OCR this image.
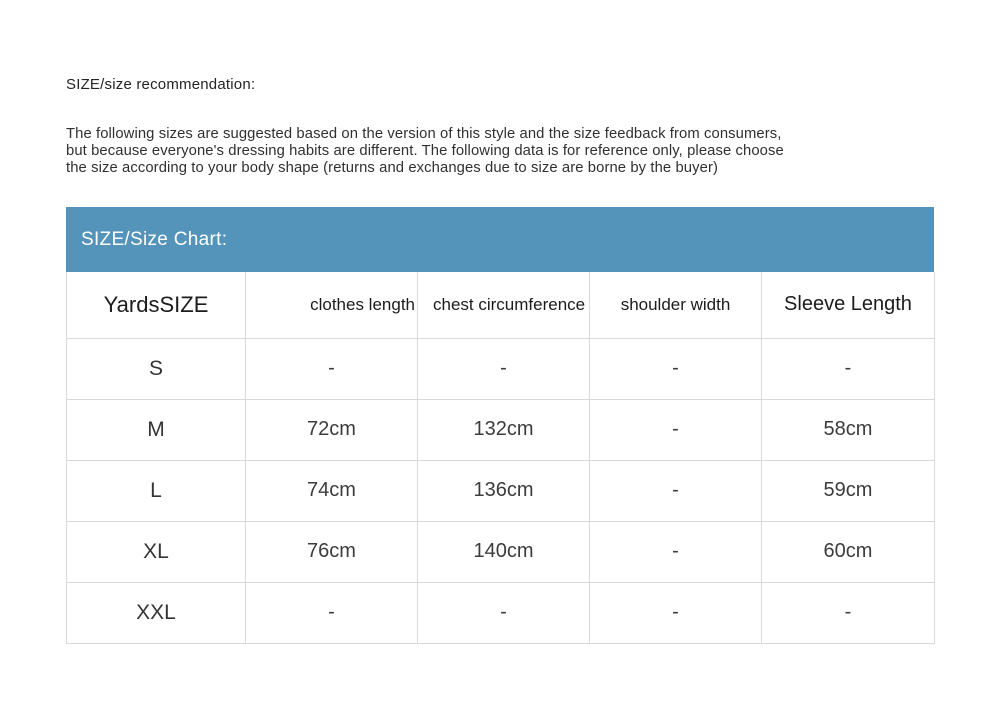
SIZE/size recommendation:

The following sizes are suggested based on the version of this style and the size feedback from consumers,
but because everyone's dressing habits are different. The following data is for reference only, please choose
the size according to your body shape (returns and exchanges due to size are borne by the buyer)
SIZE/Size Chart:
YardsSIZE	clothes length	chest circumference	shoulder width	Sleeve Length
S	-	-	-	-
M	72cm	132cm	-	58cm
L	74cm	136cm	-	59cm
XL	76cm	140cm	-	60cm
XXL	-	-	-	-
